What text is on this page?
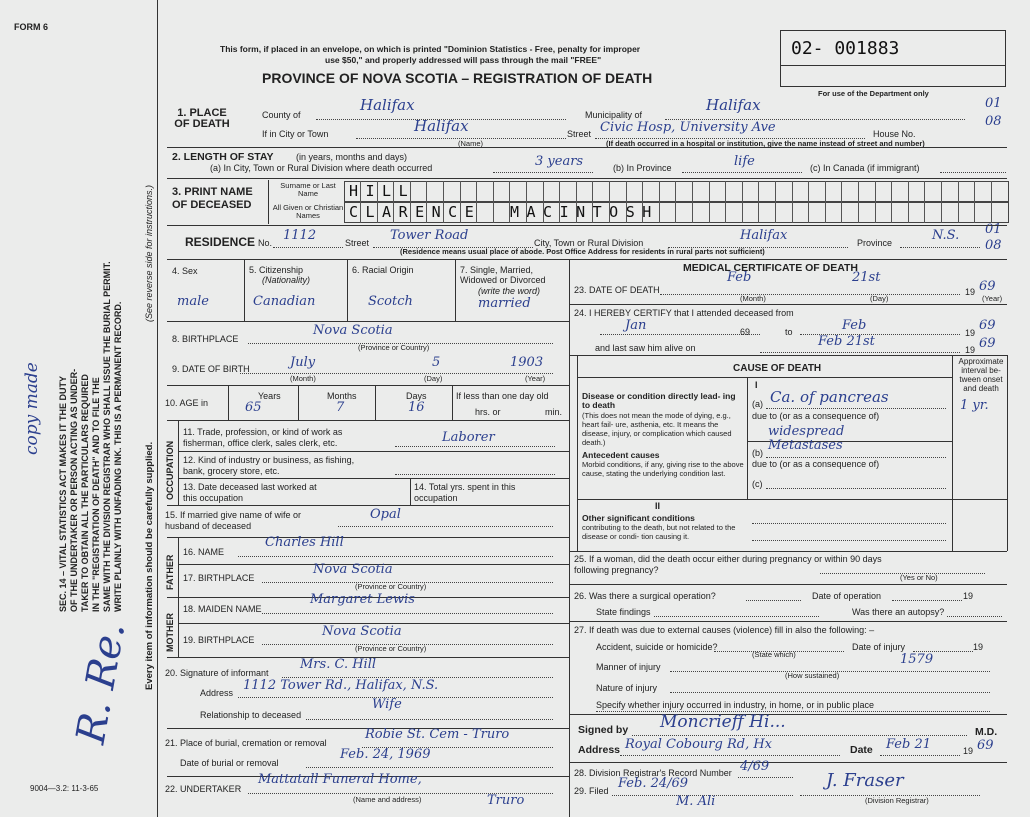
FORM 6
This form, if placed in an envelope, on which is printed "Dominion Statistics - Free, penalty for improper
use $50," and properly addressed will pass through the mail "FREE"
PROVINCE OF NOVA SCOTIA – REGISTRATION OF DEATH
02- 001883
For use of the Department only
01
08
01
08
SEC. 14 – VITAL STATISTICS ACT MAKES IT THE DUTY OF THE UNDERTAKER OR PERSON ACTING AS UNDER- TAKER TO OBTAIN ALL THE PARTICULARS REQUIRED IN THE "REGISTRATION OF DEATH" AND TO FILE THE SAME WITH THE DIVISION REGISTRAR WHO SHALL ISSUE THE BURIAL PERMIT. WRITE PLAINLY WITH UNFADING INK. THIS IS A PERMANENT RECORD. Every item of information should be carefully supplied.
(See reverse side for instructions.)
copy made
R. Re.
9004—3.2: 11-3-65
1. PLACE OF DEATH
County of
Halifax
Municipality of
Halifax
If in City or Town	Halifax
(Name)
Street Civic Hosp, University Ave	House No.
(If death occurred in a hospital or institution, give the name instead of street and number)
2. LENGTH OF STAY (in years, months and days)
(a) In City, Town or Rural Division where death occurred	3 years	(b) In Province	life	(c) In Canada (if immigrant)
3. PRINT NAME OF DECEASED
Surname or Last Name
All Given or Christian Names
HILL
CLARENCE MACINTOSH
RESIDENCE No. 1112	Street Tower Road	City, Town or Rural Division	Halifax	Province	N.S.
(Residence means usual place of abode. Post Office Address for residents in rural parts not sufficient)
4. Sex
male
5. Citizenship
(Nationality)
Canadian
6. Racial Origin
Scotch
7. Single, Married, Widowed or Divorced
(write the word)
married
8. BIRTHPLACE
Nova Scotia
(Province or Country)
9. DATE OF BIRTH	July	5	1903
(Month)	(Day)	(Year)
10. AGE in
Years
65
Months
7
Days
16
If less than one day old
hrs. or	min.
OCCUPATION
11. Trade, profession, or kind of work as fisherman, office clerk, sales clerk, etc.	Laborer
12. Kind of industry or business, as fishing, bank, grocery store, etc.
13. Date deceased last worked at this occupation
14. Total yrs. spent in this occupation
15. If married give name of wife or husband of deceased
Opal
FATHER
16. NAME
Charles Hill
17. BIRTHPLACE
Nova Scotia
(Province or Country)
MOTHER
18. MAIDEN NAME
Margaret Lewis
19. BIRTHPLACE
Nova Scotia
(Province or Country)
20. Signature of informant
Mrs. C. Hill
Address 1112 Tower Rd., Halifax, N.S.
Relationship to deceased
Wife
21. Place of burial, cremation or removal
Robie St. Cem - Truro
Date of burial or removal
Feb. 24, 1969
22. UNDERTAKER
Mattatall Funeral Home,
Truro
(Name and address)
MEDICAL CERTIFICATE OF DEATH
23. DATE OF DEATH
Feb	21st
19 69
(Month)	(Day)	(Year)
24. I HEREBY CERTIFY that I attended deceased from
Jan	69	to	Feb	19 69
and last saw him alive on	Feb 21st
19 69
CAUSE OF DEATH
Approximate interval be- tween onset and death
I
Disease or condition directly lead- ing to death
(This does not mean the mode of dying, e.g., heart fail- ure, asthenia, etc. It means the disease, injury, or complication which caused death.)
(a) Ca. of pancreas	1 yr.
due to (or as a consequence of)
Antecedent causes
Morbid conditions, if any, giving rise to the above cause, stating the underlying condition last.
(b)
widespread Metastases
due to (or as a consequence of)
(c)
II
Other significant conditions
contributing to the death, but not related to the disease or condi- tion causing it.
25. If a woman, did the death occur either during pregnancy or within 90 days following pregnancy?
(Yes or No)
26. Was there a surgical operation?	Date of operation	19
State findings	Was there an autopsy?
27. If death was due to external causes (violence) fill in also the following: –
Accident, suicide or homicide?
(State which)
Date of injury	19
Manner of injury	1579
(How sustained)
Nature of injury
Specify whether injury occurred in industry, in home, or in public place
Signed by Moncrieff Hi...	M.D.
Address Royal Cobourg Rd, Hx	Date Feb 21	19 69
28. Division Registrar's Record Number 4/69
29. Filed Feb. 24/69
M. Ali
J. Fraser
(Division Registrar)
